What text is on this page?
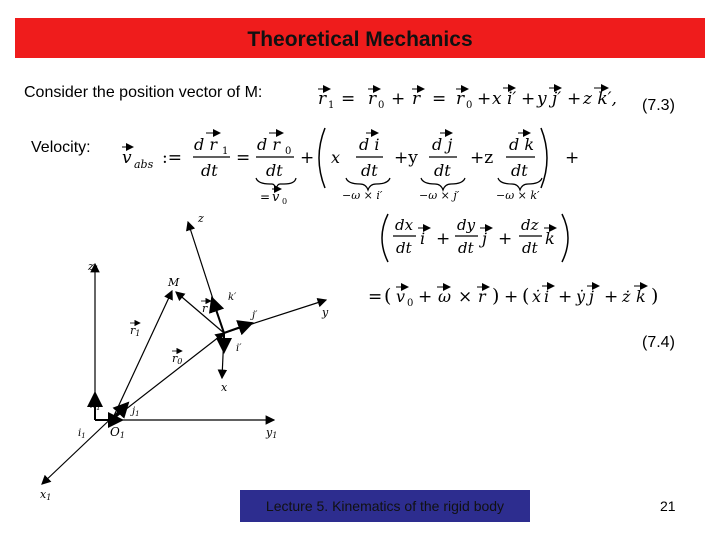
Theoretical Mechanics
Consider the position vector of M:
Velocity:
(7.3)
(7.4)
r 1 = r 0 + r = r 0 + x i′ + y j′ + z k′,
v abs :=
d r 1
dt
=
d r 0
dt
+ x
d i
dt
+y
d j
dt
+z
d k
dt
+
= v 0	−ω × i′	−ω × j′	−ω × k′
dx
dt i +
dy
dt j +
dz
dt k
= ( v 0 + ω × r ) + ( ẋ i + ẏ j + ż k )
z1
y1
x1
O1
M
z
y
x
r1
r0
r
k′
j′
i′
$k_1$	$j_1$
$i_1$
Lecture 5. Kinematics of the rigid body	21
